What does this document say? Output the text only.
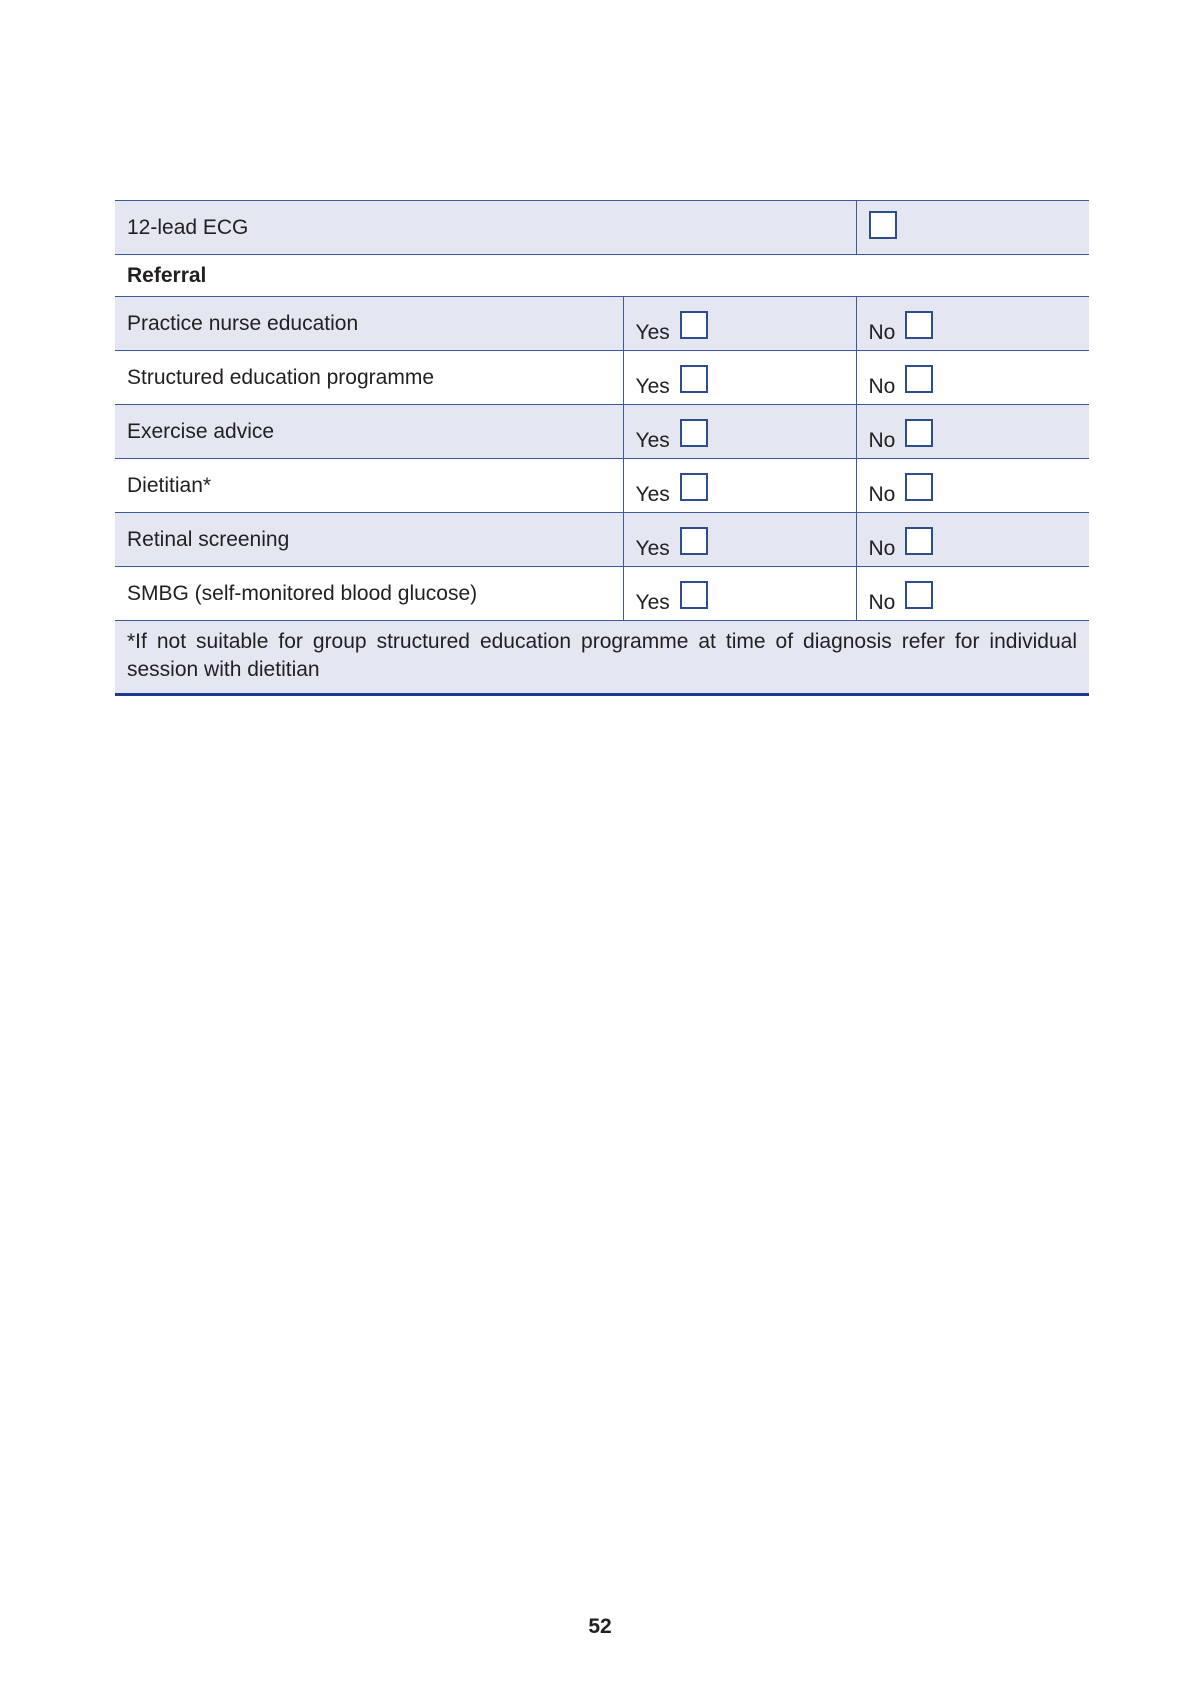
12-lead ECG		
Referral		
Practice nurse education	Yes	No

Structured education programme	Yes	No

Exercise advice	Yes	No

Dietitian*	Yes	No

Retinal screening	Yes	No

SMBG (self-monitored blood glucose)	Yes	No

*If not suitable for group structured education programme at time of diagnosis refer for individual session with dietitian		
52
